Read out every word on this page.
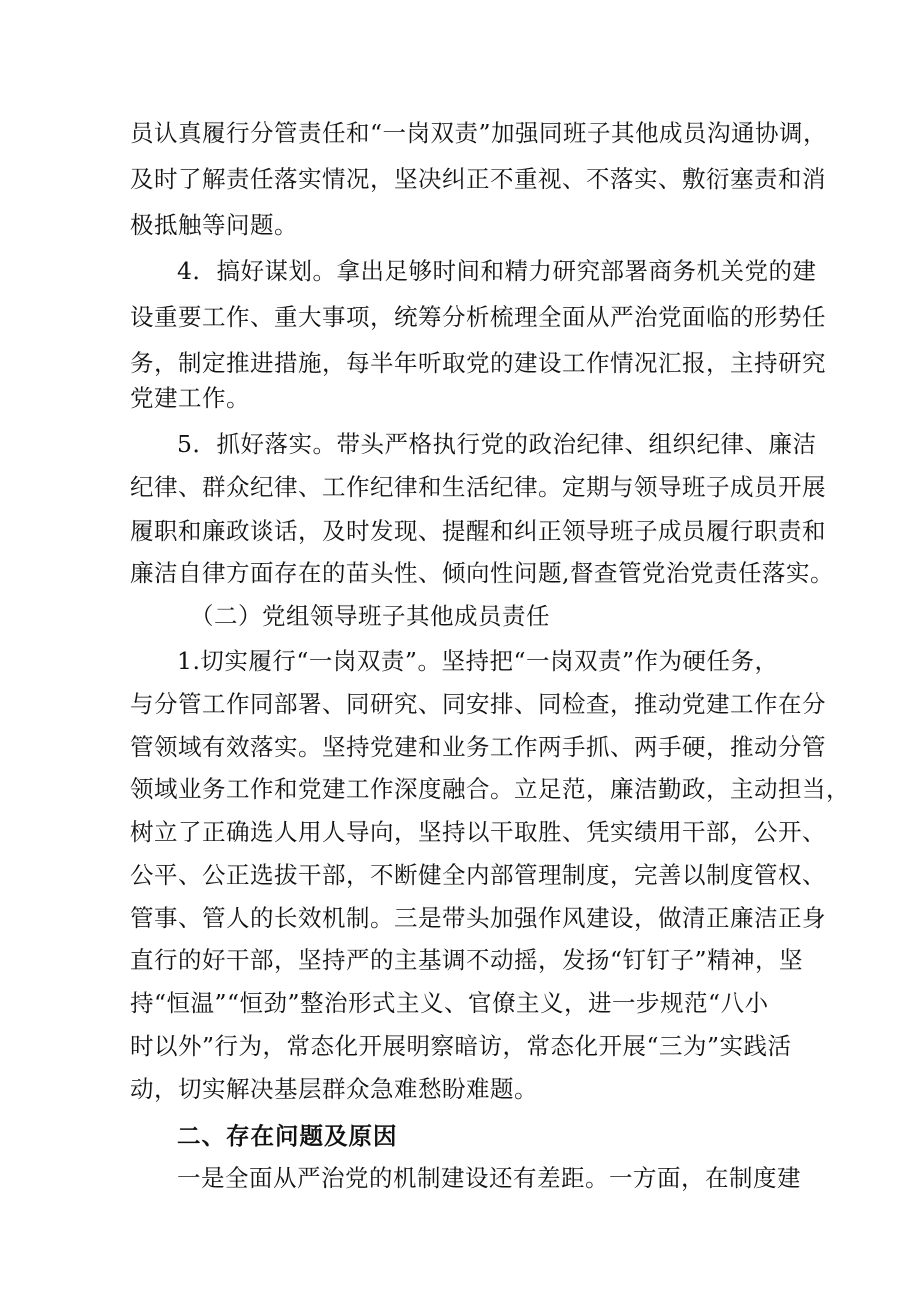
员认真履行分管责任和“一岗双责”加强同班子其他成员沟通协调，
及时了解责任落实情况，坚决纠正不重视、不落实、敷衍塞责和消
极抵触等问题。
4．搞好谋划。拿出足够时间和精力研究部署商务机关党的建
设重要工作、重大事项，统筹分析梳理全面从严治党面临的形势任
务，制定推进措施，每半年听取党的建设工作情况汇报，主持研究
党建工作。
5．抓好落实。带头严格执行党的政治纪律、组织纪律、廉洁
纪律、群众纪律、工作纪律和生活纪律。定期与领导班子成员开展
履职和廉政谈话，及时发现、提醒和纠正领导班子成员履行职责和
廉洁自律方面存在的苗头性、倾向性问题,督查管党治党责任落实。
（二）党组领导班子其他成员责任
1.切实履行“一岗双责”。坚持把“一岗双责”作为硬任务，
与分管工作同部署、同研究、同安排、同检查，推动党建工作在分
管领域有效落实。坚持党建和业务工作两手抓、两手硬，推动分管
领域业务工作和党建工作深度融合。立足范，廉洁勤政，主动担当，
树立了正确选人用人导向，坚持以干取胜、凭实绩用干部，公开、
公平、公正选拔干部，不断健全内部管理制度，完善以制度管权、
管事、管人的长效机制。三是带头加强作风建设，做清正廉洁正身
直行的好干部，坚持严的主基调不动摇，发扬“钉钉子”精神，坚
持“恒温”“恒劲”整治形式主义、官僚主义，进一步规范“八小
时以外”行为，常态化开展明察暗访，常态化开展“三为”实践活
动，切实解决基层群众急难愁盼难题。
二、存在问题及原因
一是全面从严治党的机制建设还有差距。一方面，在制度建
